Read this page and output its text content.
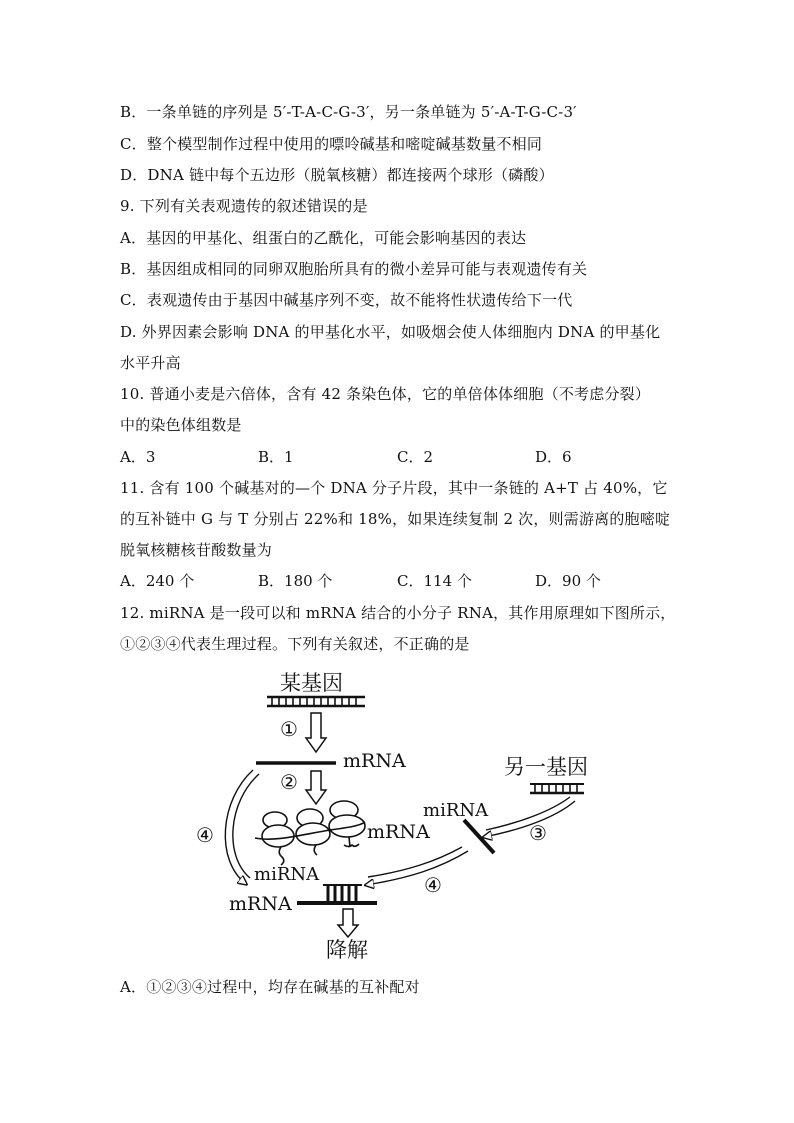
B．一条单链的序列是 5′-T-A-C-G-3′，另一条单链为 5′-A-T-G-C-3′
C．整个模型制作过程中使用的嘌呤碱基和嘧啶碱基数量不相同
D．DNA 链中每个五边形（脱氧核糖）都连接两个球形（磷酸）
9. 下列有关表观遗传的叙述错误的是
A．基因的甲基化、组蛋白的乙酰化，可能会影响基因的表达
B．基因组成相同的同卵双胞胎所具有的微小差异可能与表观遗传有关
C．表观遗传由于基因中碱基序列不变，故不能将性状遗传给下一代
D. 外界因素会影响 DNA 的甲基化水平，如吸烟会使人体细胞内 DNA 的甲基化
水平升高
10. 普通小麦是六倍体，含有 42 条染色体，它的单倍体体细胞（不考虑分裂）
中的染色体组数是
A．3	B．1	C．2	D．6
11. 含有 100 个碱基对的—个 DNA 分子片段，其中一条链的 A+T 占 40%，它
的互补链中 G 与 T 分别占 22%和 18%，如果连续复制 2 次，则需游离的胞嘧啶
脱氧核糖核苷酸数量为
A．240 个	B．180 个	C．114 个	D．90 个
12. miRNA 是一段可以和 mRNA 结合的小分子 RNA，其作用原理如下图所示，
①②③④代表生理过程。下列有关叙述，不正确的是
A．①②③④过程中，均存在碱基的互补配对
某基因
①
mRNA
②
mRNA
④
另一基因
miRNA
③
④
miRNA
mRNA
降解
